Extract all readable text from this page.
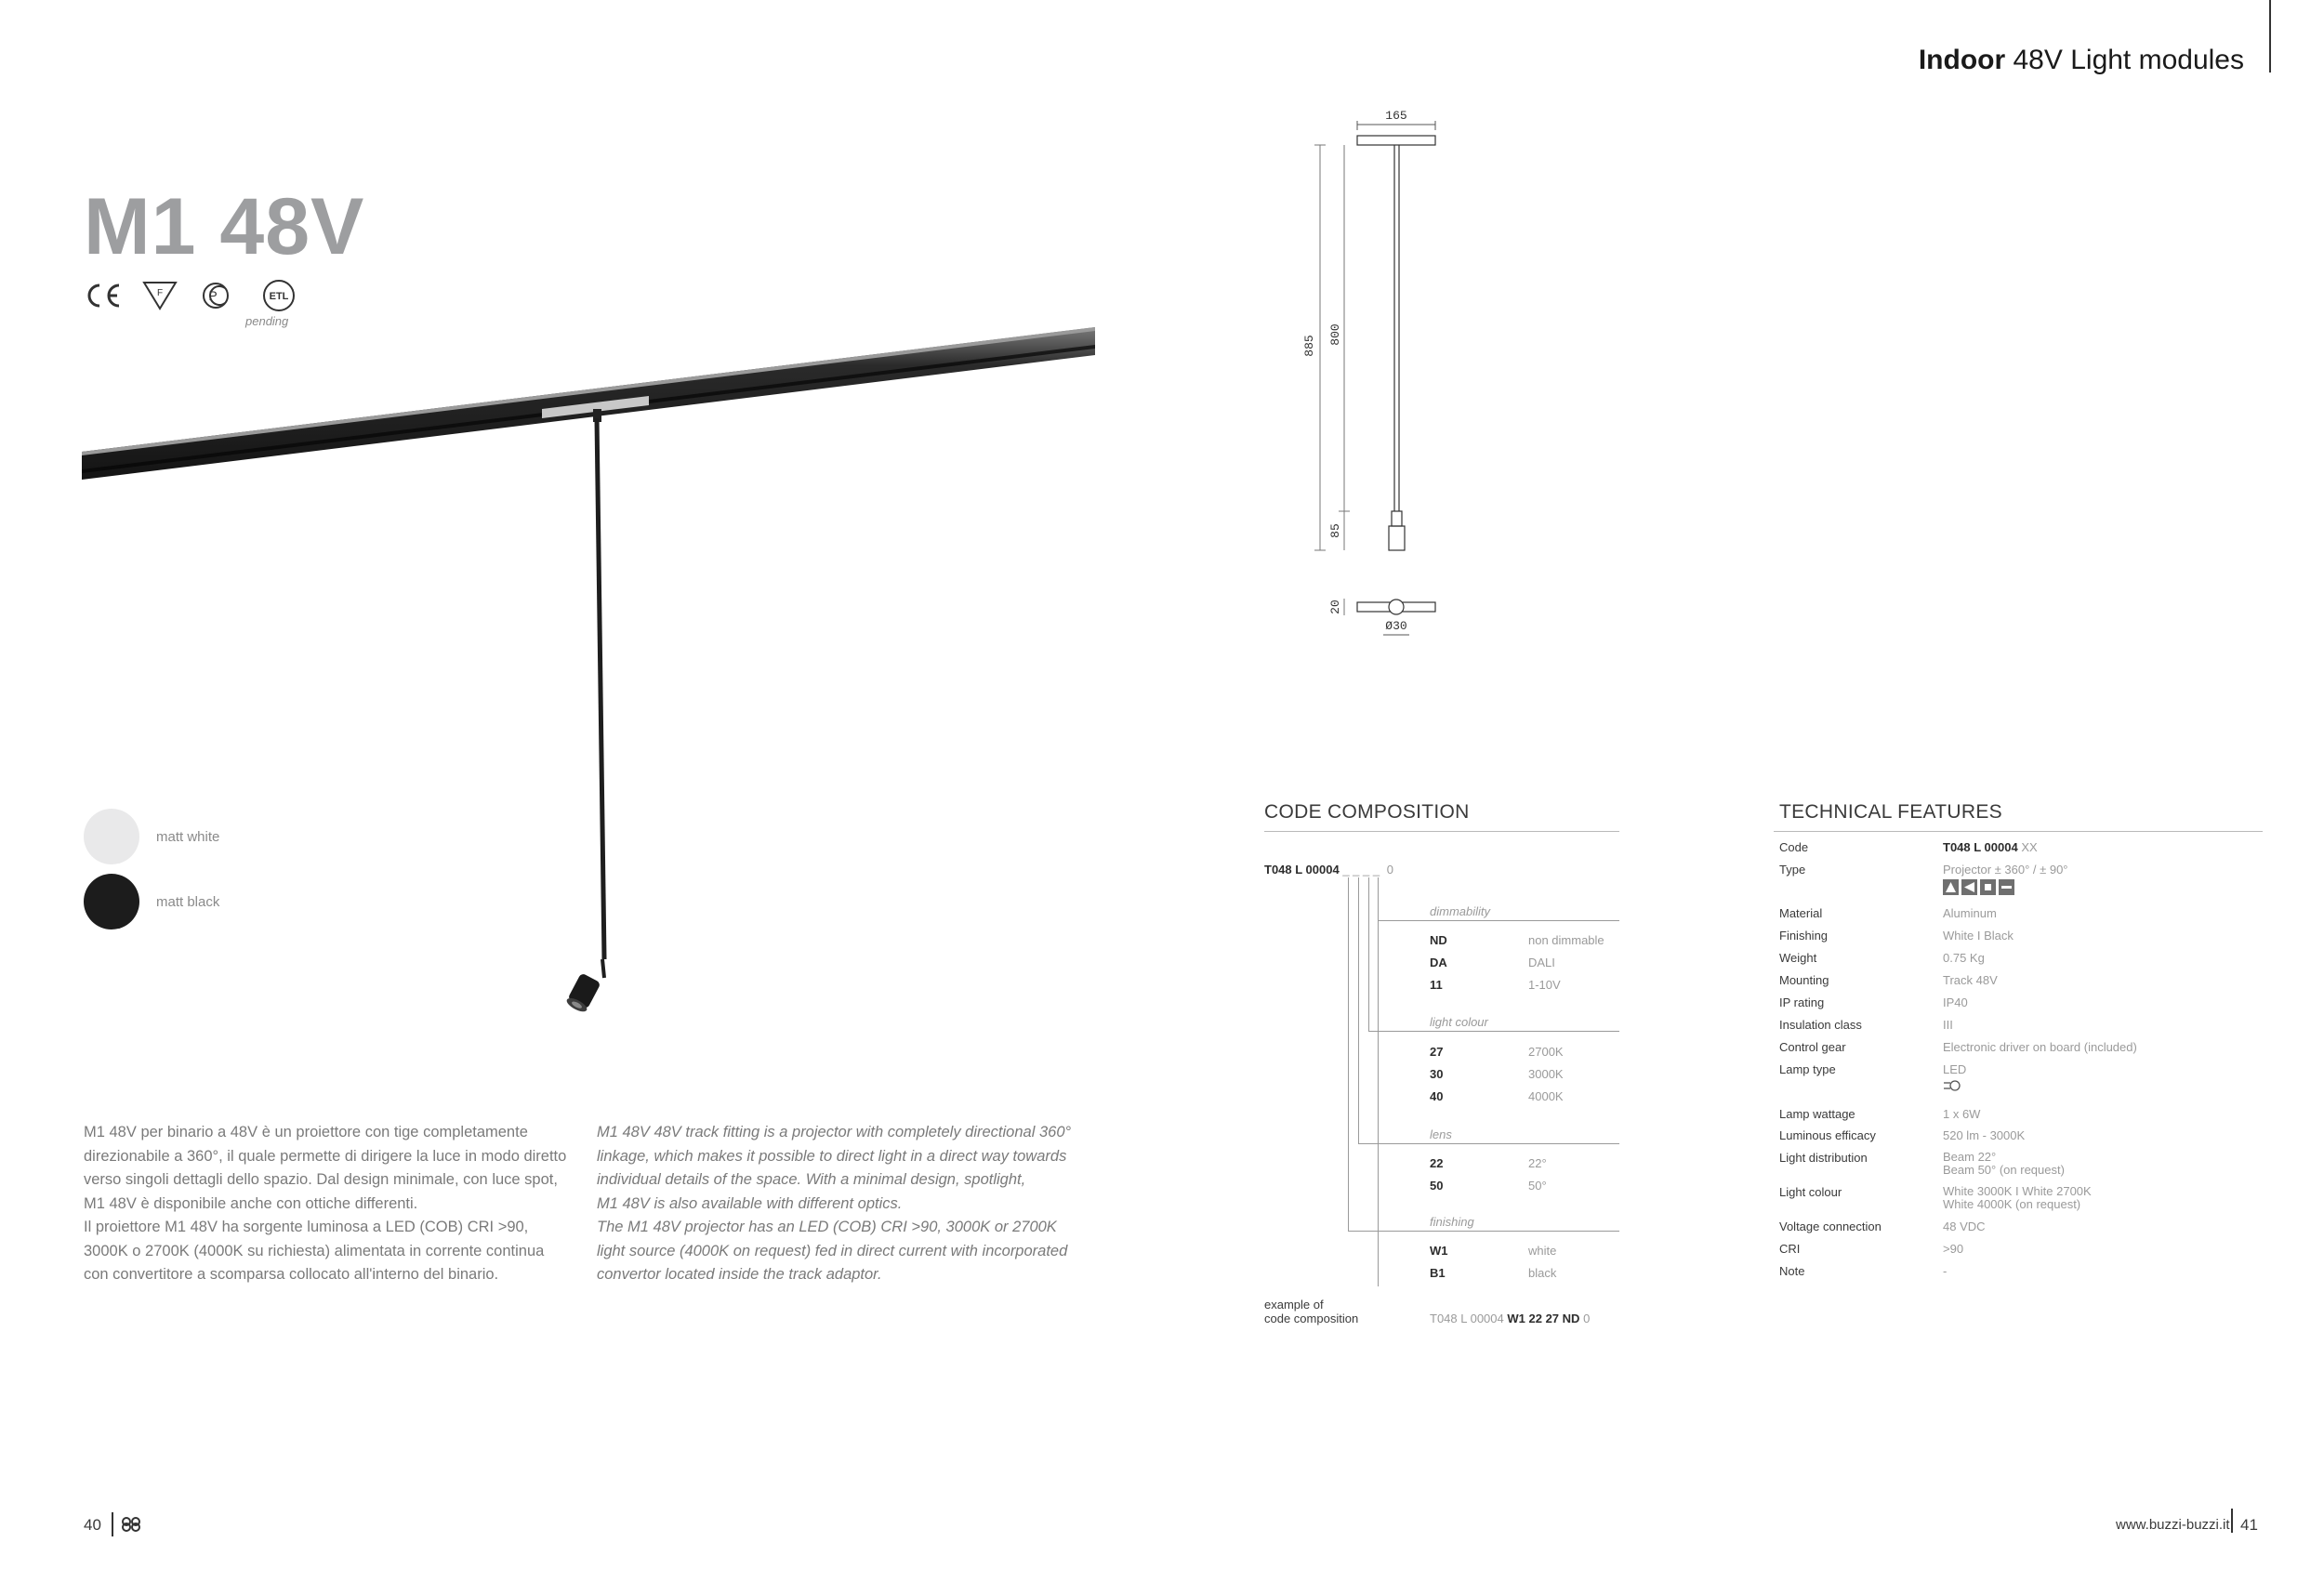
Indoor 48V Light modules
M1 48V
F	P	ETL
pending
matt white
matt black

M1 48V per binario a 48V è un proiettore con tige completamente

direzionabile a 360°, il quale permette di dirigere la luce in modo diretto

verso singoli dettagli dello spazio. Dal design minimale, con luce spot,

M1 48V è disponibile anche con ottiche differenti.

Il proiettore M1 48V ha sorgente luminosa a LED (COB) CRI >90,

3000K o 2700K (4000K su richiesta) alimentata in corrente continua

con convertitore a scomparsa collocato all'interno del binario.

M1 48V 48V track fitting is a projector with completely directional 360°

linkage, which makes it possible to direct light in a direct way towards

individual details of the space. With a minimal design, spotlight,

M1 48V is also available with different optics.

The M1 48V projector has an LED (COB) CRI >90, 3000K or 2700K

light source (4000K on request) fed in direct current with incorporated

convertor located inside the track adaptor.

165
885
800
85
20
Ø30
CODE COMPOSITION
T048 L 00004 _ _ _ _ 0
dimmability
ND	non dimmable
DA	DALI
11	1-10V
light colour
27	2700K
30	3000K
40	4000K
lens
22	22°
50	50°
finishing
W1	white
B1	black
example of
code composition	T048 L 00004 W1 22 27 ND 0
TECHNICAL FEATURES
Code	T048 L 00004 XX
Type	Projector ± 360° / ± 90°
Material	Aluminum
Finishing	White I Black
Weight	0.75 Kg
Mounting	Track 48V
IP rating	IP40
Insulation class	III
Control gear	Electronic driver on board (included)
Lamp type	LED
Lamp wattage	1 x 6W
Luminous efficacy	520 lm - 3000K
Light distribution	Beam 22°
Beam 50° (on request)
Light colour	White 3000K I White 2700K
White 4000K (on request)
Voltage connection	48 VDC
CRI	>90
Note	-
40	www.buzzi-buzzi.it 41
